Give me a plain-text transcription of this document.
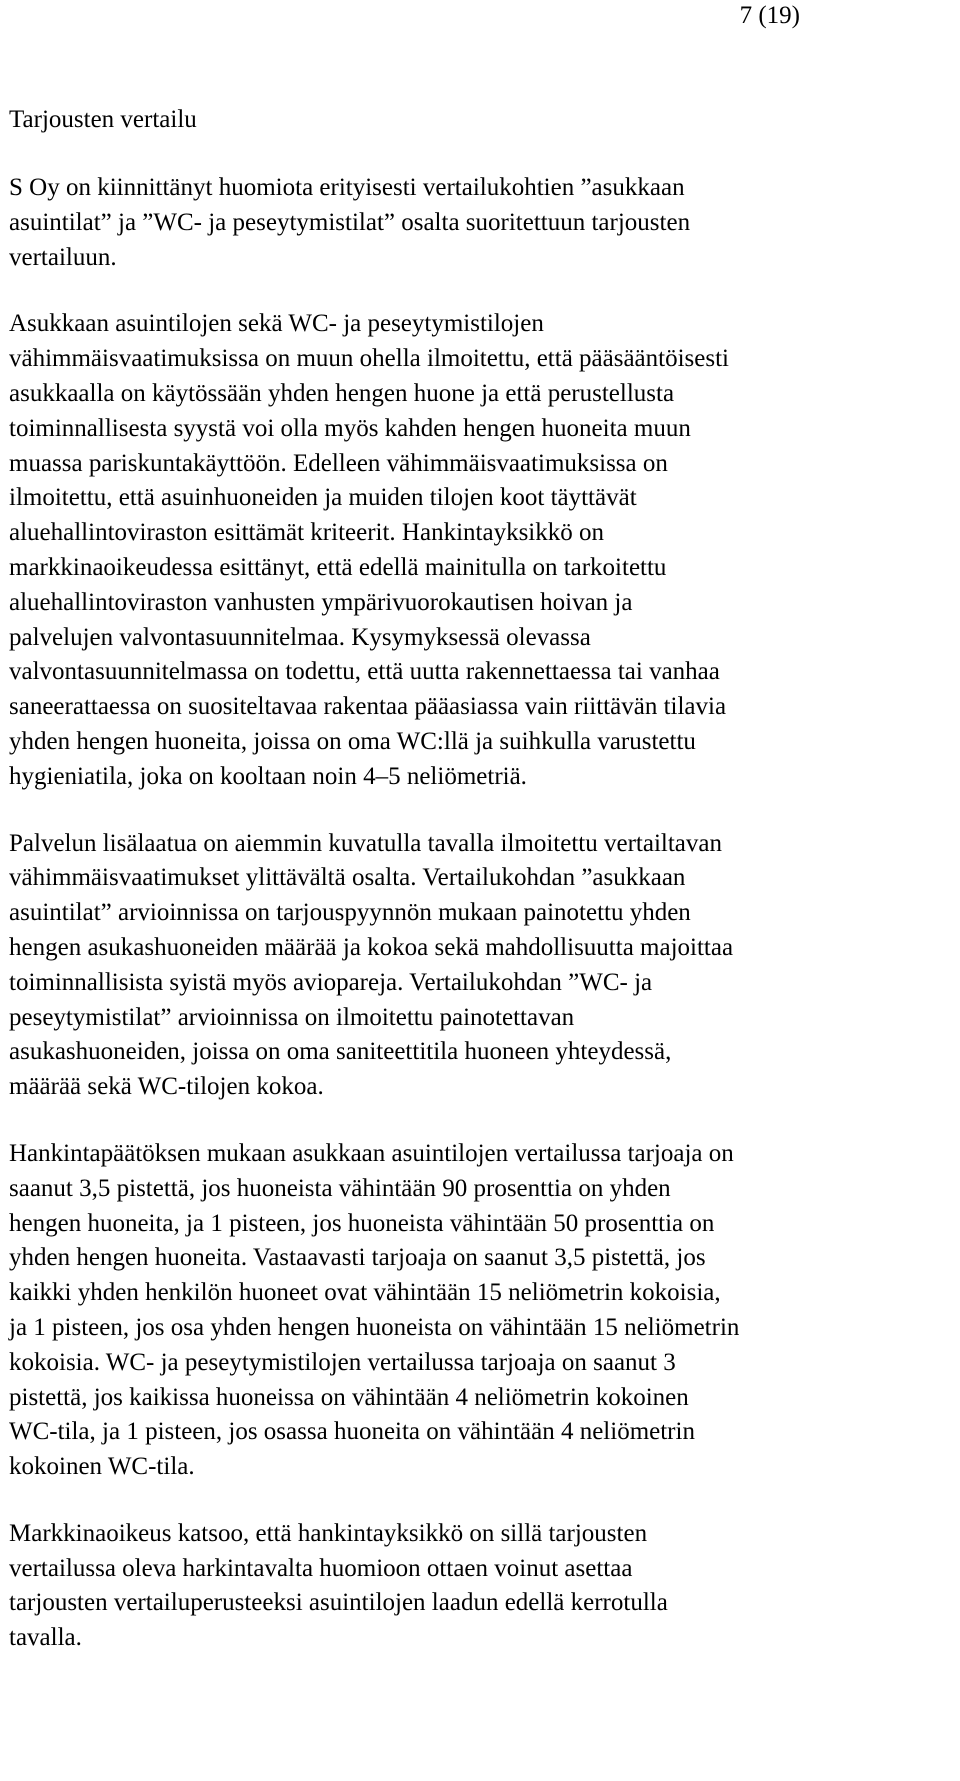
7 (19)
Tarjousten vertailu

S Oy on kiinnittänyt huomiota erityisesti vertailukohtien ”asukkaan
asuintilat” ja ”WC- ja peseytymistilat” osalta suoritettuun tarjousten
vertailuun.

Asukkaan asuintilojen sekä WC- ja peseytymistilojen
vähimmäisvaatimuksissa on muun ohella ilmoitettu, että pääsääntöisesti
asukkaalla on käytössään yhden hengen huone ja että perustellusta
toiminnallisesta syystä voi olla myös kahden hengen huoneita muun
muassa pariskuntakäyttöön. Edelleen vähimmäisvaatimuksissa on
ilmoitettu, että asuinhuoneiden ja muiden tilojen koot täyttävät
aluehallintoviraston esittämät kriteerit. Hankintayksikkö on
markkinaoikeudessa esittänyt, että edellä mainitulla on tarkoitettu
aluehallintoviraston vanhusten ympärivuorokautisen hoivan ja
palvelujen valvontasuunnitelmaa. Kysymyksessä olevassa
valvontasuunnitelmassa on todettu, että uutta rakennettaessa tai vanhaa
saneerattaessa on suositeltavaa rakentaa pääasiassa vain riittävän tilavia
yhden hengen huoneita, joissa on oma WC:llä ja suihkulla varustettu
hygieniatila, joka on kooltaan noin 4–5 neliömetriä.

Palvelun lisälaatua on aiemmin kuvatulla tavalla ilmoitettu vertailtavan
vähimmäisvaatimukset ylittävältä osalta. Vertailukohdan ”asukkaan
asuintilat” arvioinnissa on tarjouspyynnön mukaan painotettu yhden
hengen asukashuoneiden määrää ja kokoa sekä mahdollisuutta majoittaa
toiminnallisista syistä myös aviopareja. Vertailukohdan ”WC- ja
peseytymistilat” arvioinnissa on ilmoitettu painotettavan
asukashuoneiden, joissa on oma saniteettitila huoneen yhteydessä,
määrää sekä WC-tilojen kokoa.

Hankintapäätöksen mukaan asukkaan asuintilojen vertailussa tarjoaja on
saanut 3,5 pistettä, jos huoneista vähintään 90 prosenttia on yhden
hengen huoneita, ja 1 pisteen, jos huoneista vähintään 50 prosenttia on
yhden hengen huoneita. Vastaavasti tarjoaja on saanut 3,5 pistettä, jos
kaikki yhden henkilön huoneet ovat vähintään 15 neliömetrin kokoisia,
ja 1 pisteen, jos osa yhden hengen huoneista on vähintään 15 neliömetrin
kokoisia. WC- ja peseytymistilojen vertailussa tarjoaja on saanut 3
pistettä, jos kaikissa huoneissa on vähintään 4 neliömetrin kokoinen
WC-tila, ja 1 pisteen, jos osassa huoneita on vähintään 4 neliömetrin
kokoinen WC-tila.

Markkinaoikeus katsoo, että hankintayksikkö on sillä tarjousten
vertailussa oleva harkintavalta huomioon ottaen voinut asettaa
tarjousten vertailuperusteeksi asuintilojen laadun edellä kerrotulla
tavalla.
